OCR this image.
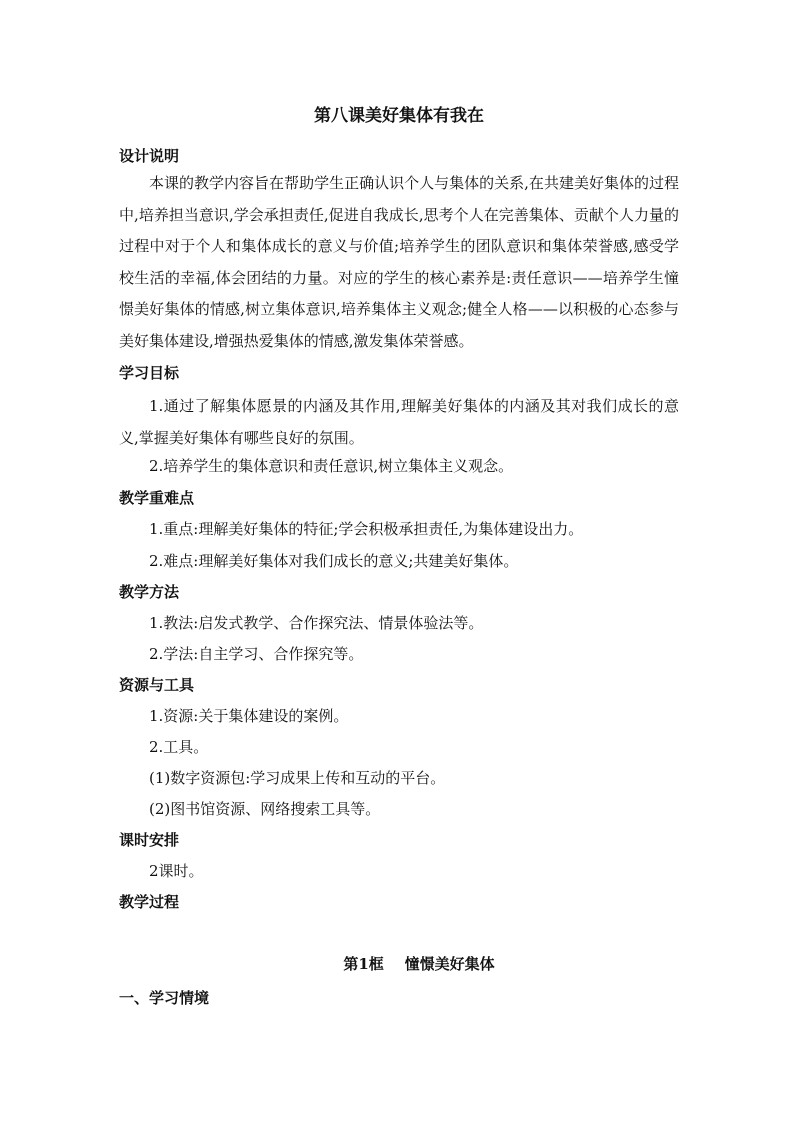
第八课美好集体有我在
设计说明
本课的教学内容旨在帮助学生正确认识个人与集体的关系,在共建美好集体的过程中,培养担当意识,学会承担责任,促进自我成长,思考个人在完善集体、贡献个人力量的过程中对于个人和集体成长的意义与价值;培养学生的团队意识和集体荣誉感,感受学校生活的幸福,体会团结的力量。对应的学生的核心素养是:责任意识——培养学生憧憬美好集体的情感,树立集体意识,培养集体主义观念;健全人格——以积极的心态参与美好集体建设,增强热爱集体的情感,激发集体荣誉感。
学习目标
1.通过了解集体愿景的内涵及其作用,理解美好集体的内涵及其对我们成长的意义,掌握美好集体有哪些良好的氛围。
2.培养学生的集体意识和责任意识,树立集体主义观念。
教学重难点
1.重点:理解美好集体的特征;学会积极承担责任,为集体建设出力。
2.难点:理解美好集体对我们成长的意义;共建美好集体。
教学方法
1.教法:启发式教学、合作探究法、情景体验法等。
2.学法:自主学习、合作探究等。
资源与工具
1.资源:关于集体建设的案例。
2.工具。
(1)数字资源包:学习成果上传和互动的平台。
(2)图书馆资源、网络搜索工具等。
课时安排
2课时。
教学过程
第1框    憧憬美好集体
一、学习情境
